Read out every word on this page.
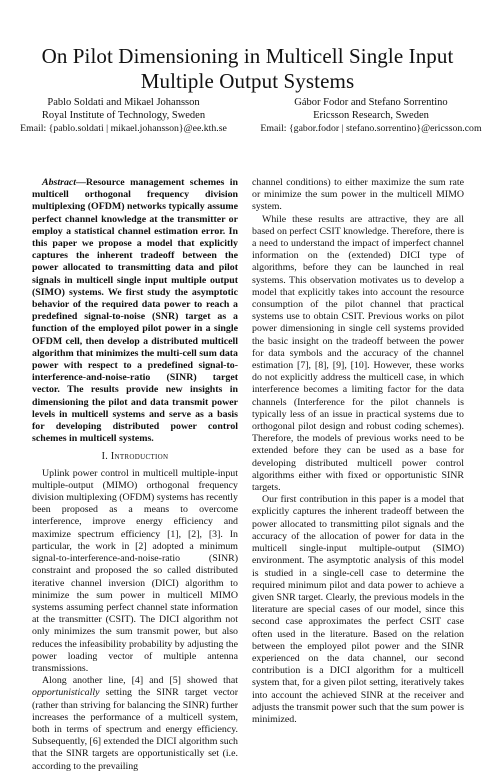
On Pilot Dimensioning in Multicell Single Input
Multiple Output Systems
Pablo Soldati and Mikael Johansson
Royal Institute of Technology, Sweden
Email: {pablo.soldati | mikael.johansson}@ee.kth.se
Gábor Fodor and Stefano Sorrentino
Ericsson Research, Sweden
Email: {gabor.fodor | stefano.sorrentino}@ericsson.com

Abstract—Resource management schemes in multicell orthogonal frequency division multiplexing (OFDM) networks typically assume perfect channel knowledge at the transmitter or employ a statistical channel estimation error. In this paper we propose a model that explicitly captures the inherent tradeoff between the power allocated to transmitting data and pilot signals in multicell single input multiple output (SIMO) systems. We first study the asymptotic behavior of the required data power to reach a predefined signal-to-noise (SNR) target as a function of the employed pilot power in a single OFDM cell, then develop a distributed multicell algorithm that minimizes the multi-cell sum data power with respect to a predefined signal-to-interference-and-noise-ratio (SINR) target vector. The results provide new insights in dimensioning the pilot and data transmit power levels in multicell systems and serve as a basis for developing distributed power control schemes in multicell systems.

I. Introduction

Uplink power control in multicell multiple-input multiple-output (MIMO) orthogonal frequency division multiplexing (OFDM) systems has recently been proposed as a means to overcome interference, improve energy efficiency and maximize spectrum efficiency [1], [2], [3]. In particular, the work in [2] adopted a minimum signal-to-interference-and-noise-ratio (SINR) constraint and proposed the so called distributed iterative channel inversion (DICI) algorithm to minimize the sum power in multicell MIMO systems assuming perfect channel state information at the transmitter (CSIT). The DICI algorithm not only minimizes the sum transmit power, but also reduces the infeasibility probability by adjusting the power loading vector of multiple antenna transmissions.

Along another line, [4] and [5] showed that opportunistically setting the SINR target vector (rather than striving for balancing the SINR) further increases the performance of a multicell system, both in terms of spectrum and energy efficiency. Subsequently, [6] extended the DICI algorithm such that the SINR targets are opportunistically set (i.e. according to the prevailing

channel conditions) to either maximize the sum rate or minimize the sum power in the multicell MIMO system.

While these results are attractive, they are all based on perfect CSIT knowledge. Therefore, there is a need to understand the impact of imperfect channel information on the (extended) DICI type of algorithms, before they can be launched in real systems. This observation motivates us to develop a model that explicitly takes into account the resource consumption of the pilot channel that practical systems use to obtain CSIT. Previous works on pilot power dimensioning in single cell systems provided the basic insight on the tradeoff between the power for data symbols and the accuracy of the channel estimation [7], [8], [9], [10]. However, these works do not explicitly address the multicell case, in which interference becomes a limiting factor for the data channels (Interference for the pilot channels is typically less of an issue in practical systems due to orthogonal pilot design and robust coding schemes). Therefore, the models of previous works need to be extended before they can be used as a base for developing distributed multicell power control algorithms either with fixed or opportunistic SINR targets.

Our first contribution in this paper is a model that explicitly captures the inherent tradeoff between the power allocated to transmitting pilot signals and the accuracy of the allocation of power for data in the multicell single-input multiple-output (SIMO) environment. The asymptotic analysis of this model is studied in a single-cell case to determine the required minimum pilot and data power to achieve a given SNR target. Clearly, the previous models in the literature are special cases of our model, since this second case approximates the perfect CSIT case often used in the literature. Based on the relation between the employed pilot power and the SINR experienced on the data channel, our second contribution is a DICI algorithm for a multicell system that, for a given pilot setting, iteratively takes into account the achieved SINR at the receiver and adjusts the transmit power such that the sum power is minimized.
